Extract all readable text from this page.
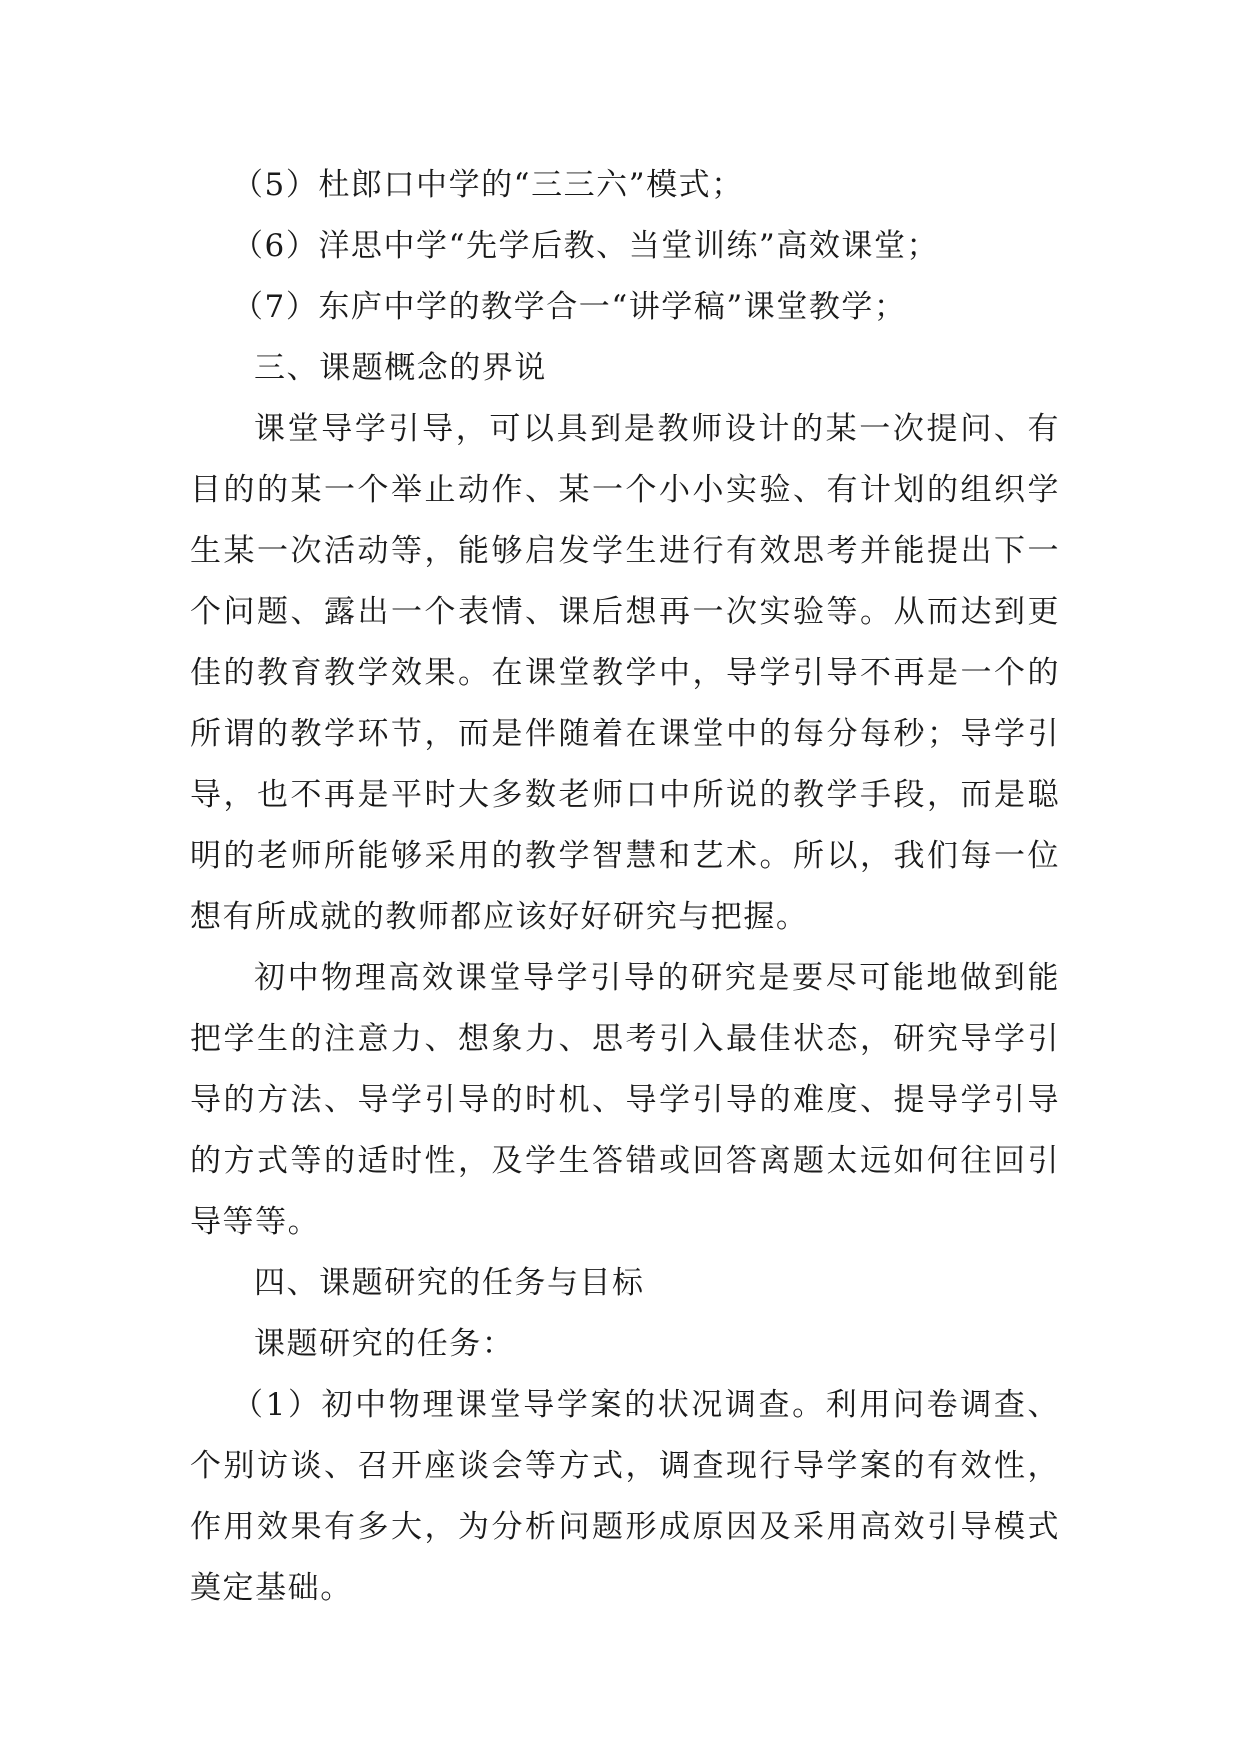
（5）杜郎口中学的“三三六”模式；

（6）洋思中学“先学后教、当堂训练”高效课堂；

（7）东庐中学的教学合一“讲学稿”课堂教学；

三、课题概念的界说

课堂导学引导，可以具到是教师设计的某一次提问、有目的的某一个举止动作、某一个小小实验、有计划的组织学生某一次活动等，能够启发学生进行有效思考并能提出下一个问题、露出一个表情、课后想再一次实验等。从而达到更佳的教育教学效果。在课堂教学中，导学引导不再是一个的所谓的教学环节，而是伴随着在课堂中的每分每秒；导学引导，也不再是平时大多数老师口中所说的教学手段，而是聪明的老师所能够采用的教学智慧和艺术。所以，我们每一位想有所成就的教师都应该好好研究与把握。

初中物理高效课堂导学引导的研究是要尽可能地做到能把学生的注意力、想象力、思考引入最佳状态，研究导学引导的方法、导学引导的时机、导学引导的难度、提导学引导的方式等的适时性，及学生答错或回答离题太远如何往回引导等等。

四、课题研究的任务与目标

课题研究的任务：

（1）初中物理课堂导学案的状况调查。利用问卷调查、个别访谈、召开座谈会等方式，调查现行导学案的有效性，作用效果有多大，为分析问题形成原因及采用高效引导模式奠定基础。
